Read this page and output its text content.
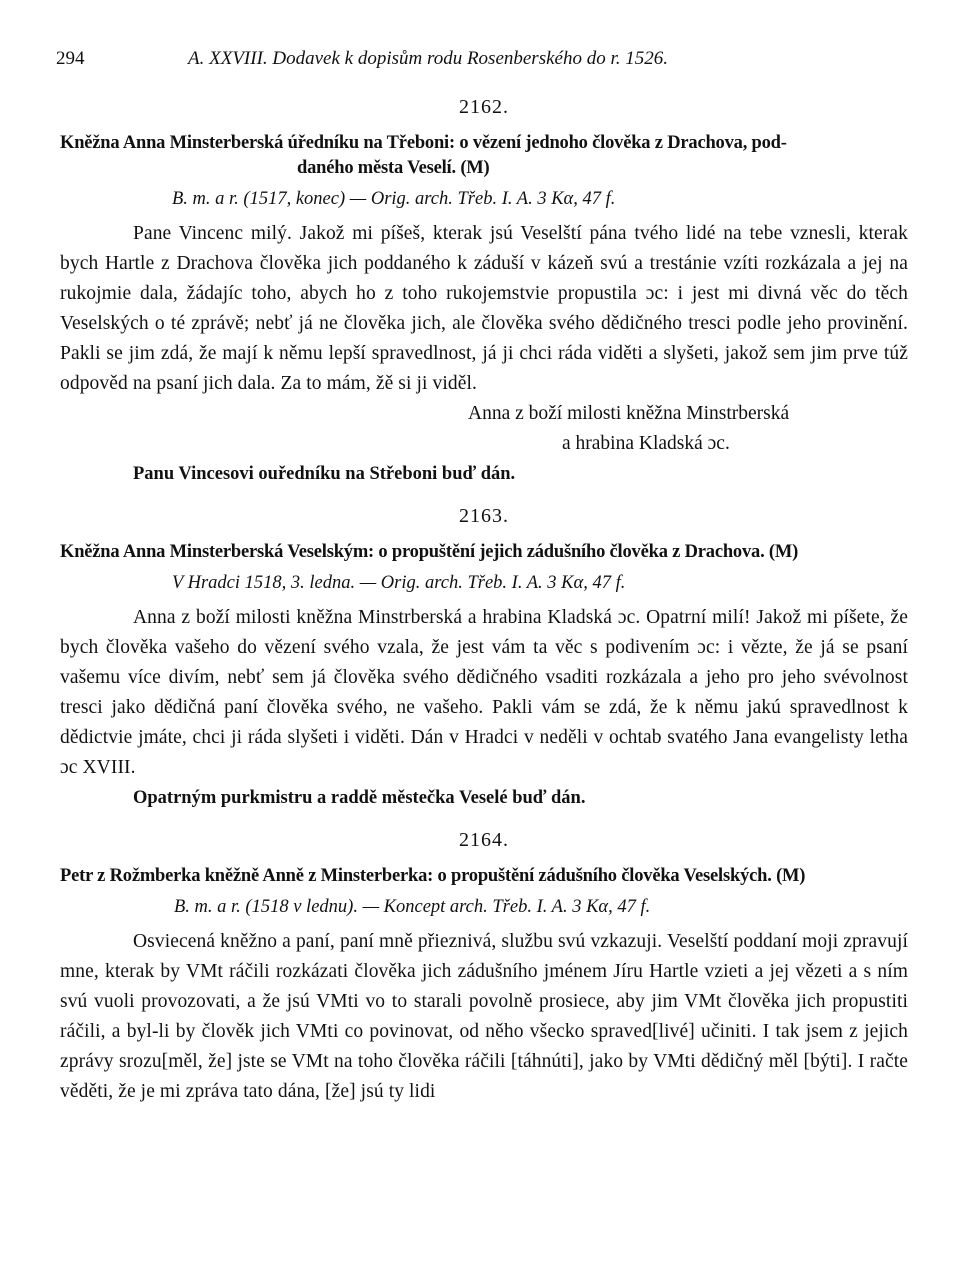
294	A. XXVIII. Dodavek k dopisům rodu Rosenberského do r. 1526.
2162.
Kněžna Anna Minsterberská úředníku na Třeboni: o vězení jednoho člověka z Drachova, pod-
daného města Veselí. (M)
B. m. a r. (1517, konec) — Orig. arch. Třeb. I. A. 3 Kα, 47 f.

Pane Vincenc milý. Jakož mi píšeš, kterak jsú Veselští pána tvého lidé na tebe vznesli, kterak bych Hartle z Drachova člověka jich poddaného k záduší v kázeň svú a trestánie vzíti rozkázala a jej na rukojmie dala, žádajíc toho, abych ho z toho rukojemstvie propustila ɔc: i jest mi divná věc do těch Veselských o té zprávě; nebť já ne člověka jich, ale člověka svého dědičného tresci podle jeho provinění. Pakli se jim zdá, že mají k němu lepší spravedlnost, já ji chci ráda viděti a slyšeti, jakož sem jim prve túž odpověd na psaní jich dala. Za to mám, žě si ji viděl.

Anna z boží milosti kněžna Minstrberská
a hrabina Kladská ɔc.
Panu Vincesovi ouředníku na Střeboni buď dán.
2163.
Kněžna Anna Minsterberská Veselským: o propuštění jejich zádušního člověka z Drachova. (M)
V Hradci 1518, 3. ledna. — Orig. arch. Třeb. I. A. 3 Kα, 47 f.

Anna z boží milosti kněžna Minstrberská a hrabina Kladská ɔc. Opatrní milí! Jakož mi píšete, že bych člověka vašeho do vězení svého vzala, že jest vám ta věc s podivením ɔc: i vězte, že já se psaní vašemu více divím, nebť sem já člověka svého dědičného vsaditi rozkázala a jeho pro jeho svévolnost tresci jako dědičná paní člověka svého, ne vašeho. Pakli vám se zdá, že k němu jakú spravedlnost k dědictvie jmáte, chci ji ráda slyšeti i viděti. Dán v Hradci v neděli v ochtab svatého Jana evangelisty letha ɔc XVIII.

Opatrným purkmistru a raddě městečka Veselé buď dán.
2164.
Petr z Rožmberka kněžně Anně z Minsterberka: o propuštění zádušního člověka Veselských. (M)
B. m. a r. (1518 v lednu). — Koncept arch. Třeb. I. A. 3 Kα, 47 f.

Osviecená kněžno a paní, paní mně přieznivá, službu svú vzkazuji. Veselští poddaní moji zpravují mne, kterak by VMt ráčili rozkázati člověka jich zádušního jménem Jíru Hartle vzieti a jej vězeti a s ním svú vuoli provozovati, a že jsú VMti vo to starali povolně prosiece, aby jim VMt člověka jich propustiti ráčili, a byl-li by člověk jich VMti co povinovat, od něho všecko spraved[livé] učiniti. I tak jsem z jejich zprávy srozu[měl, že] jste se VMt na toho člověka ráčili [táhnúti], jako by VMti dědičný měl [býti]. I račte věděti, že je mi zpráva tato dána, [že] jsú ty lidi
